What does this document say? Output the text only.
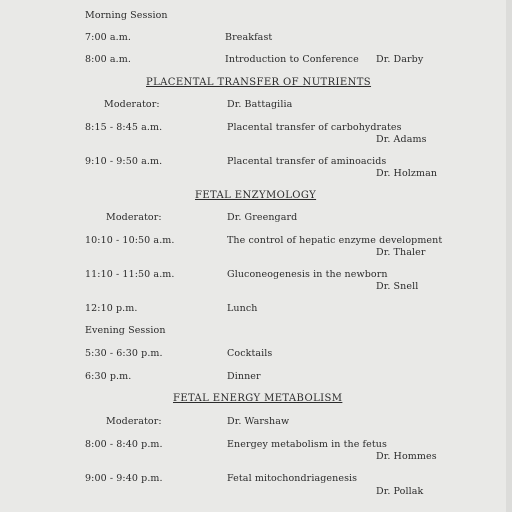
Morning Session
7:00 a.m.	Breakfast
8:00 a.m.	Introduction to Conference Dr. Darby
PLACENTAL TRANSFER OF NUTRIENTS
Moderator:	Dr. Battagilia
8:15 - 8:45 a.m.	Placental transfer of carbohydrates
Dr. Adams
9:10 - 9:50 a.m.	Placental transfer of aminoacids
Dr. Holzman
FETAL ENZYMOLOGY
Moderator:	Dr. Greengard
10:10 - 10:50 a.m.	The control of hepatic enzyme development
Dr. Thaler
11:10 - 11:50 a.m.	Gluconeogenesis in the newborn
Dr. Snell
12:10 p.m.	Lunch
Evening Session
5:30 - 6:30 p.m.	Cocktails
6:30 p.m.	Dinner
FETAL ENERGY METABOLISM
Moderator:	Dr. Warshaw
8:00 - 8:40 p.m.	Energey metabolism in the fetus
Dr. Hommes
9:00 - 9:40 p.m.	Fetal mitochondriagenesis
Dr. Pollak
